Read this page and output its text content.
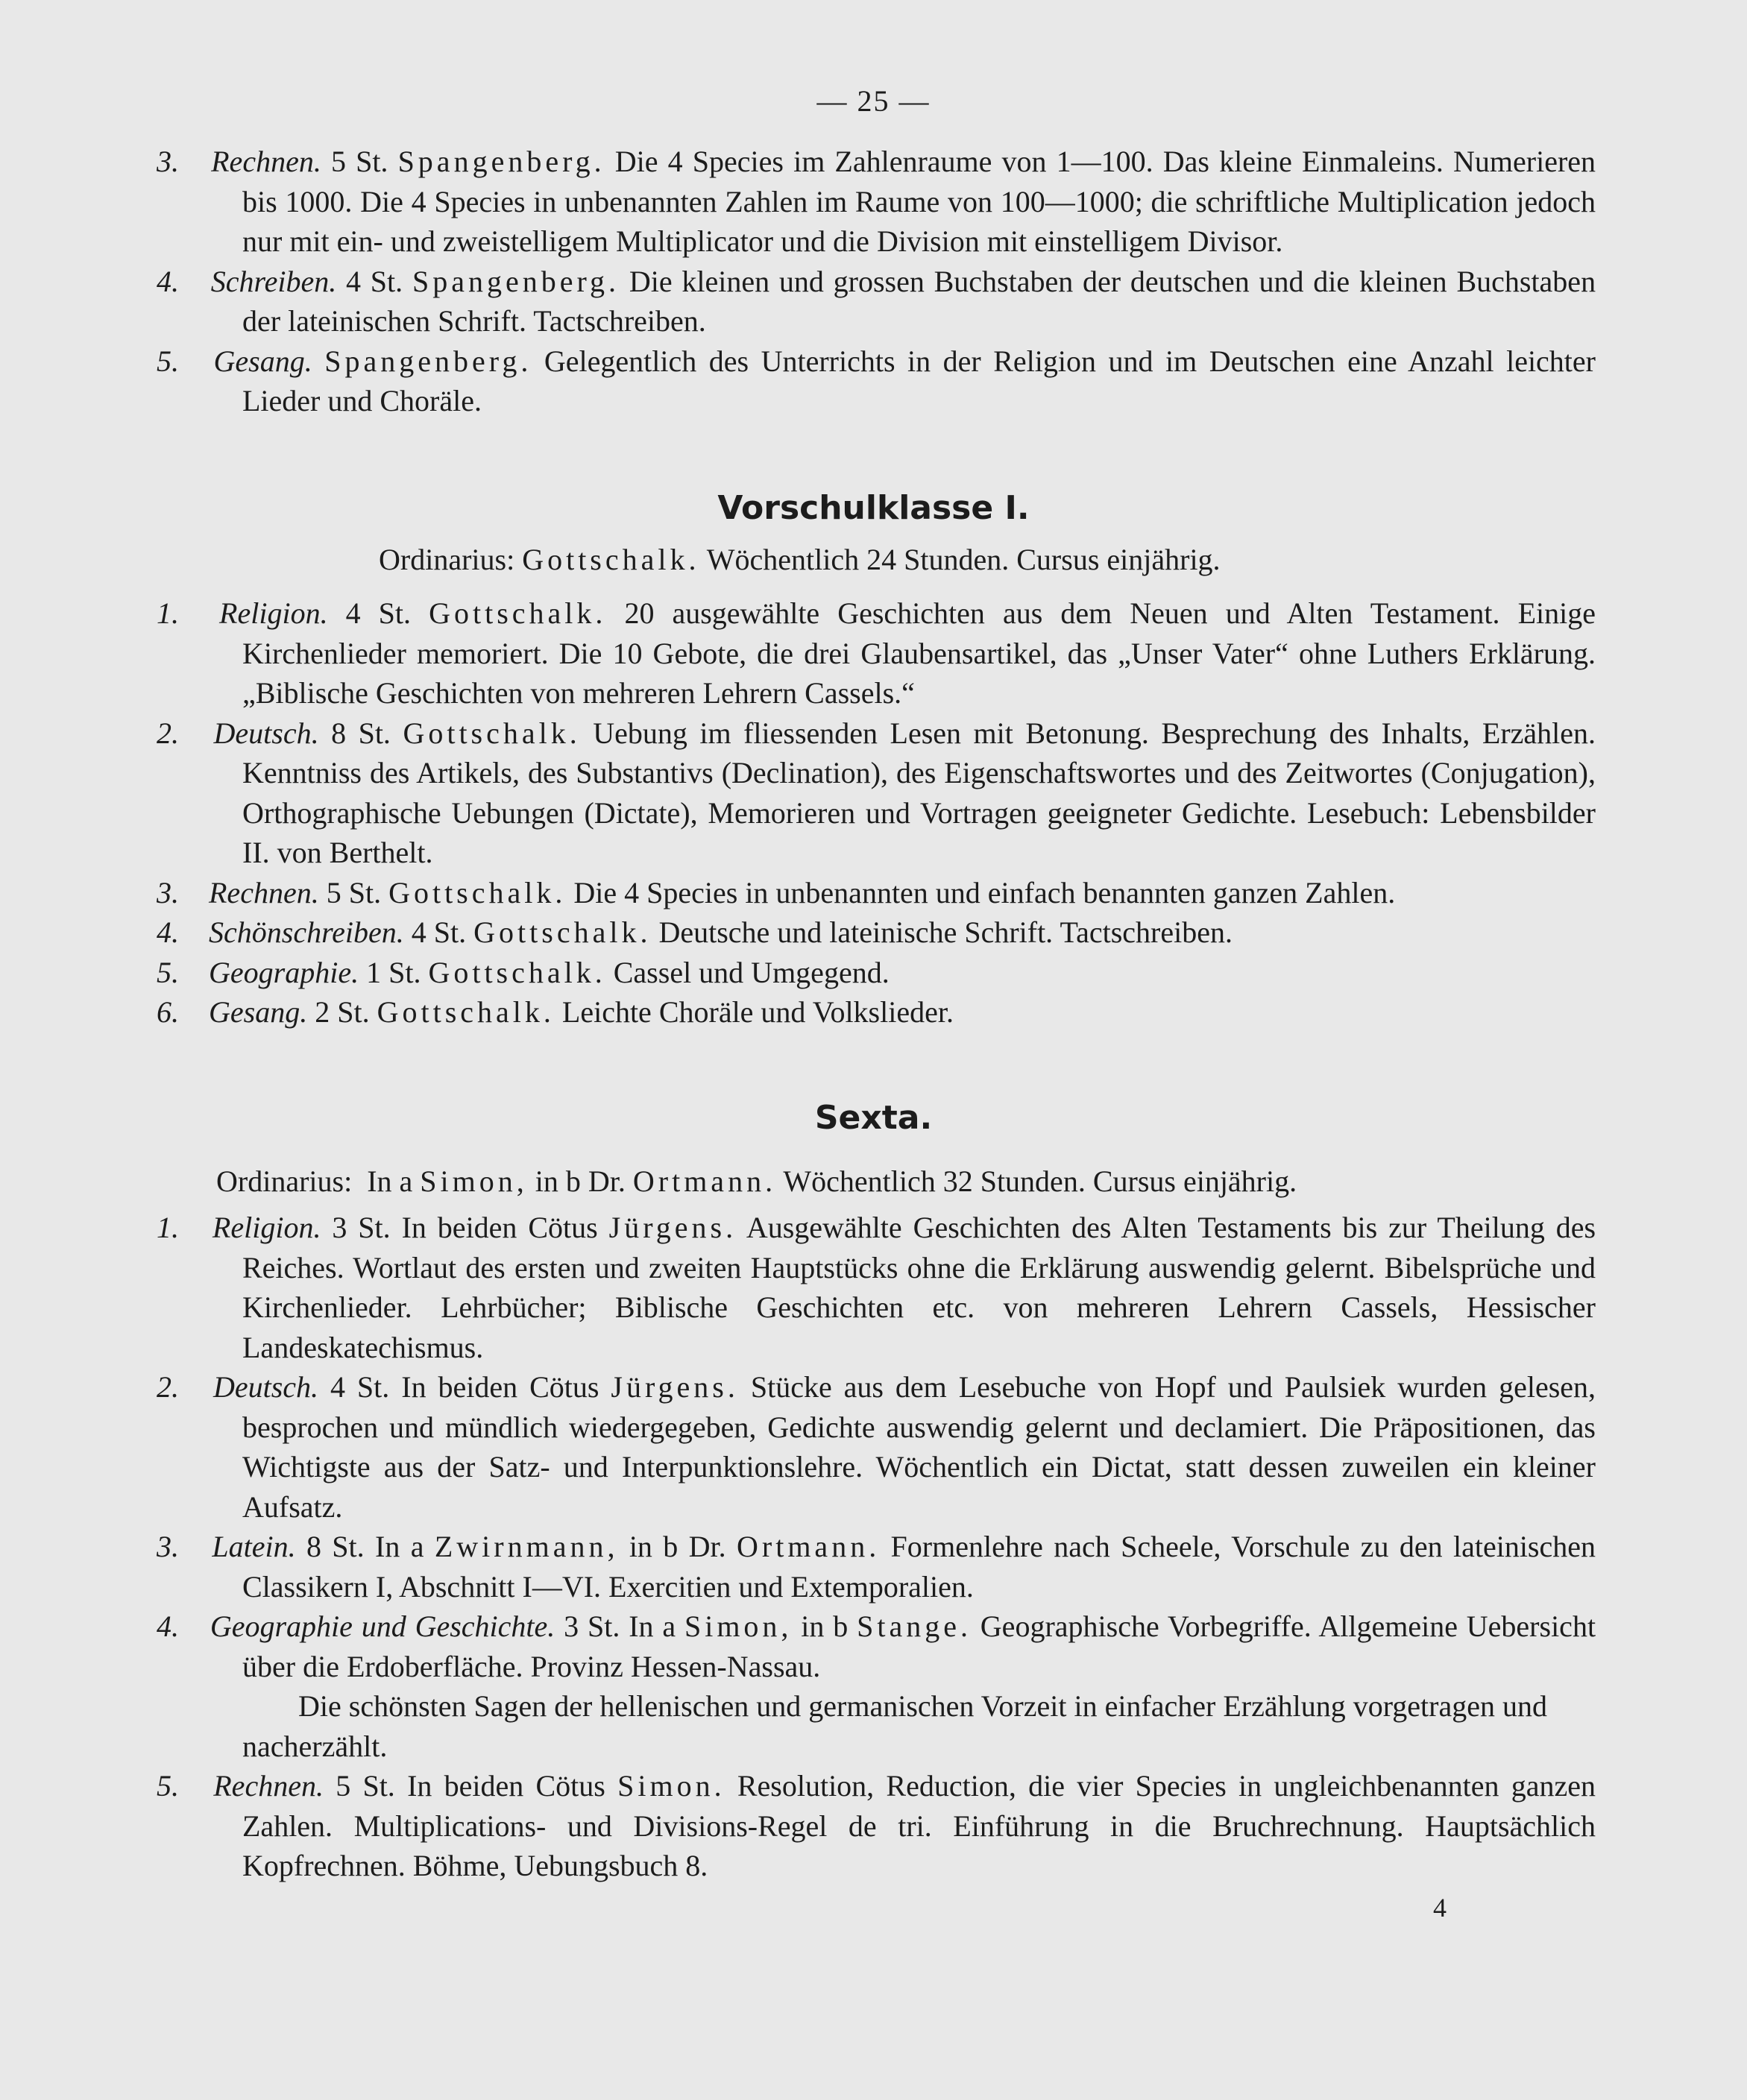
— 25 —
3. Rechnen. 5 St. Spangenberg. Die 4 Species im Zahlenraume von 1—100. Das kleine Einmaleins. Numerieren bis 1000. Die 4 Species in unbenannten Zahlen im Raume von 100—1000; die schriftliche Multiplication jedoch nur mit ein- und zweistelligem Multiplicator und die Division mit einstelligem Divisor.
4. Schreiben. 4 St. Spangenberg. Die kleinen und grossen Buchstaben der deutschen und die kleinen Buchstaben der lateinischen Schrift. Tactschreiben.
5. Gesang. Spangenberg. Gelegentlich des Unterrichts in der Religion und im Deutschen eine Anzahl leichter Lieder und Choräle.
Vorschulklasse I.
Ordinarius: Gottschalk. Wöchentlich 24 Stunden. Cursus einjährig.
1. Religion. 4 St. Gottschalk. 20 ausgewählte Geschichten aus dem Neuen und Alten Testament. Einige Kirchenlieder memoriert. Die 10 Gebote, die drei Glaubensartikel, das „Unser Vater“ ohne Luthers Erklärung. „Biblische Geschichten von mehreren Lehrern Cassels.“
2. Deutsch. 8 St. Gottschalk. Uebung im fliessenden Lesen mit Betonung. Besprechung des Inhalts, Erzählen. Kenntniss des Artikels, des Substantivs (Declination), des Eigenschaftswortes und des Zeitwortes (Conjugation), Orthographische Uebungen (Dictate), Memorieren und Vortragen geeigneter Gedichte. Lesebuch: Lebensbilder II. von Berthelt.
3. Rechnen. 5 St. Gottschalk. Die 4 Species in unbenannten und einfach benannten ganzen Zahlen.
4. Schönschreiben. 4 St. Gottschalk. Deutsche und lateinische Schrift. Tactschreiben.
5. Geographie. 1 St. Gottschalk. Cassel und Umgegend.
6. Gesang. 2 St. Gottschalk. Leichte Choräle und Volkslieder.
Sexta.
Ordinarius: In a Simon, in b Dr. Ortmann. Wöchentlich 32 Stunden. Cursus einjährig.
1. Religion. 3 St. In beiden Cötus Jürgens. Ausgewählte Geschichten des Alten Testaments bis zur Theilung des Reiches. Wortlaut des ersten und zweiten Hauptstücks ohne die Erklärung auswendig gelernt. Bibelsprüche und Kirchenlieder. Lehrbücher; Biblische Geschichten etc. von mehreren Lehrern Cassels, Hessischer Landeskatechismus.
2. Deutsch. 4 St. In beiden Cötus Jürgens. Stücke aus dem Lesebuche von Hopf und Paulsiek wurden gelesen, besprochen und mündlich wiedergegeben, Gedichte auswendig gelernt und declamiert. Die Präpositionen, das Wichtigste aus der Satz- und Interpunktionslehre. Wöchentlich ein Dictat, statt dessen zuweilen ein kleiner Aufsatz.
3. Latein. 8 St. In a Zwirnmann, in b Dr. Ortmann. Formenlehre nach Scheele, Vorschule zu den lateinischen Classikern I, Abschnitt I—VI. Exercitien und Extemporalien.
4. Geographie und Geschichte. 3 St. In a Simon, in b Stange. Geographische Vorbegriffe. Allgemeine Uebersicht über die Erdoberfläche. Provinz Hessen-Nassau.
Die schönsten Sagen der hellenischen und germanischen Vorzeit in einfacher Erzählung vorgetragen und nacherzählt.
5. Rechnen. 5 St. In beiden Cötus Simon. Resolution, Reduction, die vier Species in ungleichbenannten ganzen Zahlen. Multiplications- und Divisions-Regel de tri. Einführung in die Bruchrechnung. Hauptsächlich Kopfrechnen. Böhme, Uebungsbuch 8.
4
